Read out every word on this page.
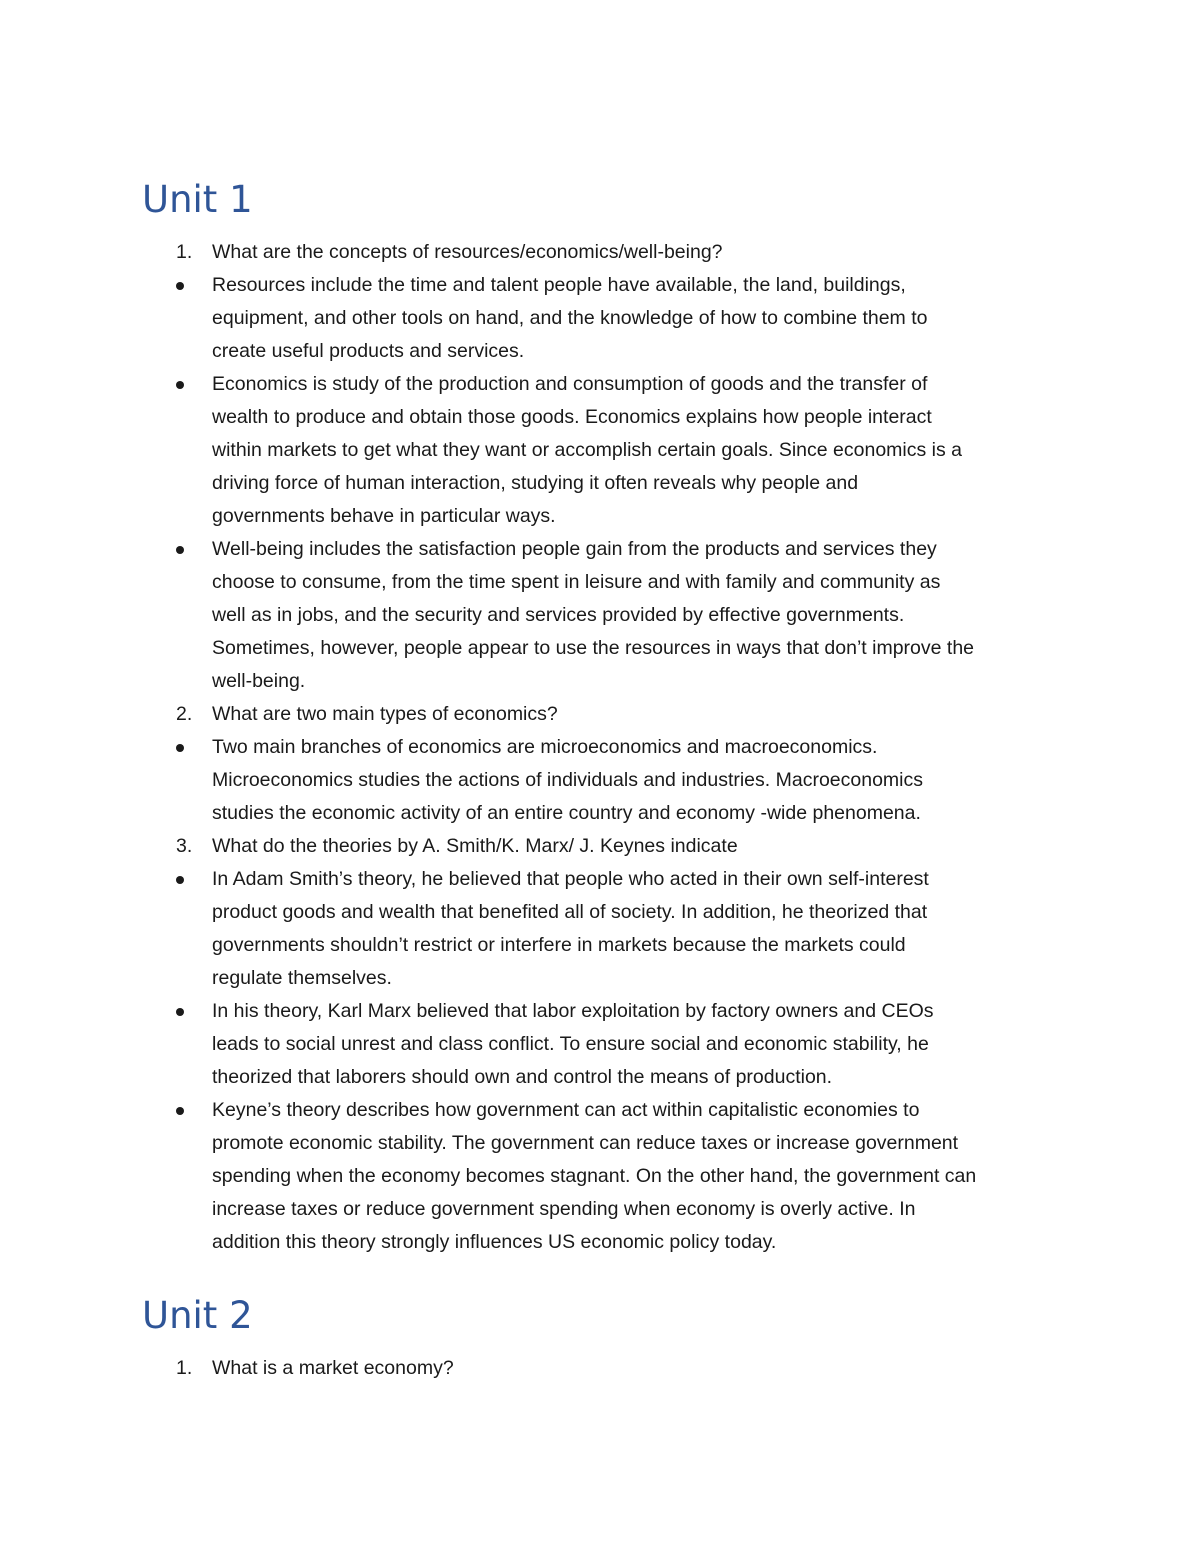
Unit 1
1.	What are the concepts of resources/economics/well-being?
Resources include the time and talent people have available, the land, buildings,
equipment, and other tools on hand, and the knowledge of how to combine them to
create useful products and services.
Economics is study of the production and consumption of goods and the transfer of
wealth to produce and obtain those goods. Economics explains how people interact
within markets to get what they want or accomplish certain goals. Since economics is a
driving force of human interaction, studying it often reveals why people and
governments behave in particular ways.
Well-being includes the satisfaction people gain from the products and services they
choose to consume, from the time spent in leisure and with family and community as
well as in jobs, and the security and services provided by effective governments.
Sometimes, however, people appear to use the resources in ways that don’t improve the
well-being.
2.	What are two main types of economics?
Two main branches of economics are microeconomics and macroeconomics.
Microeconomics studies the actions of individuals and industries. Macroeconomics
studies the economic activity of an entire country and economy -wide phenomena.
3.	What do the theories by A. Smith/K. Marx/ J. Keynes indicate
In Adam Smith’s theory, he believed that people who acted in their own self-interest
product goods and wealth that benefited all of society. In addition, he theorized that
governments shouldn’t restrict or interfere in markets because the markets could
regulate themselves.
In his theory, Karl Marx believed that labor exploitation by factory owners and CEOs
leads to social unrest and class conflict. To ensure social and economic stability, he
theorized that laborers should own and control the means of production.
Keyne’s theory describes how government can act within capitalistic economies to
promote economic stability. The government can reduce taxes or increase government
spending when the economy becomes stagnant. On the other hand, the government can
increase taxes or reduce government spending when economy is overly active. In
addition this theory strongly influences US economic policy today.
Unit 2
1.	What is a market economy?
